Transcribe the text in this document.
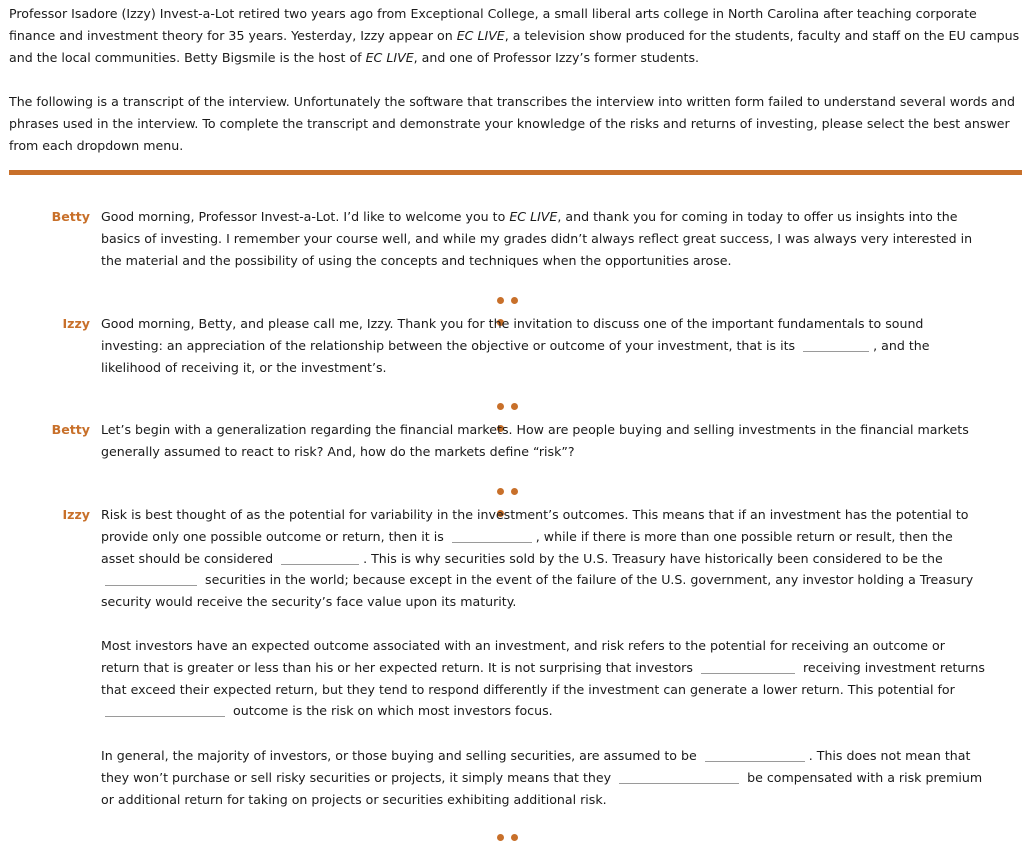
Professor Isadore (Izzy) Invest-a-Lot retired two years ago from Exceptional College, a small liberal arts college in North Carolina after teaching corporate finance and investment theory for 35 years. Yesterday, Izzy appear on EC LIVE, a television show produced for the students, faculty and staff on the EU campus and the local communities. Betty Bigsmile is the host of EC LIVE, and one of Professor Izzy’s former students.

The following is a transcript of the interview. Unfortunately the software that transcribes the interview into written form failed to understand several words and phrases used in the interview. To complete the transcript and demonstrate your knowledge of the risks and returns of investing, please select the best answer from each dropdown menu.

Betty Good morning, Professor Invest-a-Lot. I’d like to welcome you to EC LIVE, and thank you for coming in today to offer us insights into the basics of investing. I remember your course well, and while my grades didn’t always reflect great success, I was always very interested in the material and the possibility of using the concepts and techniques when the opportunities arose.

Izzy Good morning, Betty, and please call me, Izzy. Thank you for the invitation to discuss one of the important fundamentals to sound investing: an appreciation of the relationship between the objective or outcome of your investment, that is its	, and the likelihood of receiving it, or the investment’s.

Betty Let’s begin with a generalization regarding the financial markets. How are people buying and selling investments in the financial markets generally assumed to react to risk? And, how do the markets define “risk”?

Izzy Risk is best thought of as the potential for variability in the investment’s outcomes. This means that if an investment has the potential to provide only one possible outcome or return, then it is	, while if there is more than one possible return or result, then the asset should be considered	. This is why securities sold by the U.S. Treasury have historically been considered to be the  securities in the world; because except in the event of the failure of the U.S. government, any investor holding a Treasury security would receive the security’s face value upon its maturity.

Most investors have an expected outcome associated with an investment, and risk refers to the potential for receiving an outcome or return that is greater or less than his or her expected return. It is not surprising that investors	receiving investment returns that exceed their expected return, but they tend to respond differently if the investment can generate a lower return. This potential for  outcome is the risk on which most investors focus.

In general, the majority of investors, or those buying and selling securities, are assumed to be	. This does not mean that they won’t purchase or sell risky securities or projects, it simply means that they	be compensated with a risk premium or additional return for taking on projects or securities exhibiting additional risk.
